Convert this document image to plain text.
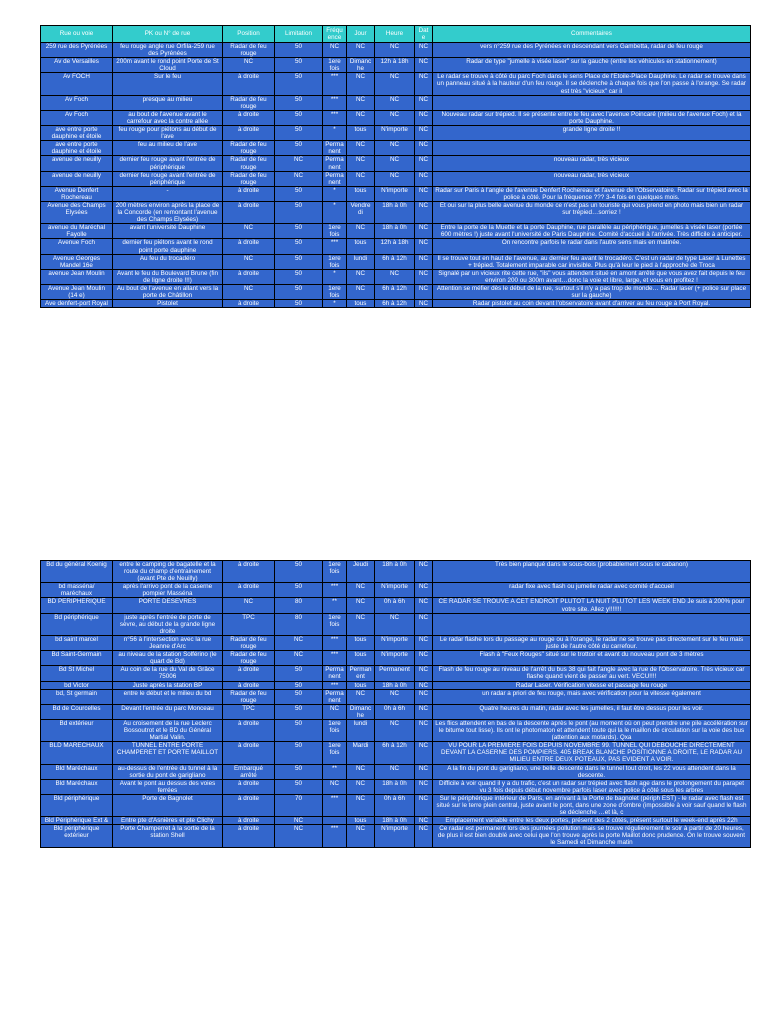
Rue ou voie	PK ou N° de rue	Position	Limitation	Fréquence	Jour	Heure	Date	Commentaires
259 rue des Pyrénées	feu rouge angle rue Orfila-259 rue des Pyrénées	Radar de feu rouge	50	NC	NC	NC	NC	vers n°259 rue des Pyrénées en descendant vers Gambetta, radar de feu rouge
Av de Versailles	200m avant le rond point Porte de St Cloud	NC	50	1ere fois	Dimanche	12h à 18h	NC	Radar de type "jumelle à visée laser" sur la gauche (entre les véhicules en stationnement)
Av FOCH	Sur le feu	à droite	50	***	NC	NC	NC	Le radar se trouve à côté du parc Foch dans le sens Place de l'Etoile-Place Dauphine. Le radar se trouve dans un panneau situé à la hauteur d'un feu rouge. Il se déclenche à chaque fois que l'on passe à l'orange. Se radar est très "vicieux" car il
Av Foch	presque au milieu	Radar de feu rouge	50	***	NC	NC	NC	
Av Foch	au bout de l'avenue avant le carrefour avec la contre allée	à droite	50	***	NC	NC	NC	Nouveau radar sur trépied. Il se présente entre le feu avec l'avenue Poincaré (milieu de l'avenue Foch) et la porte Dauphine.
ave entre porte dauphine et étoile	feu rouge pour piétons au début de l'ave	à droite	50	*	tous	N'importe	NC	grande ligne droite !!
ave entre porte dauphine et étoile	feu au milieu de l'ave	Radar de feu rouge	50	Permanent	NC	NC	NC	
avenue de neuilly	dernier feu rouge avant l'entrée de périphérique	Radar de feu rouge	NC	Permanent	NC	NC	NC	nouveau radar, très vicieux
avenue de neuilly	dernier feu rouge avant l'entrée de périphérique	Radar de feu rouge	NC	Permanent	NC	NC	NC	nouveau radar, très vicieux
Avenue Denfert Rochereau	-	à droite	50	*	tous	N'importe	NC	Radar sur Paris à l'angle de l'avenue Denfert Rochereau et l'avenue de l'Observatoire. Radar sur trépied avec la police à côté. Pour la fréquence ??? 3-4 fois en quelques mois.
Avenue des Champs Elysées	200 mètres environ après la place de la Concorde (en remontant l'avenue des Champs Elysées)	à droite	50	*	Vendredi	18h à 0h	NC	Et oui sur la plus belle avenue du monde ce n'est pas un touriste qui vous prend en photo mais bien un radar sur trépied…sorriez !
avenue du Maréchal Fayolle	avant l'université Dauphine	NC	50	1ere fois	NC	18h à 0h	NC	Entre la porte de la Muette et la porte Dauphine, rue parallèle au périphérique, jumelles à visée laser (portée 600 mètres !) juste avant l'université de Paris Dauphine. Comité d'accueil à l'arrivée. Très difficile à anticiper.
Avenue Foch	dernier feu piétons avant le rond point porte dauphine	à droite	50	***	tous	12h à 18h	NC	On rencontre parfois le radar dans l'autre sens mais en matinée.
Avenue Georges Mandel 16e	Au feu du trocadéro	NC	50	1ere fois	lundi	6h à 12h	NC	Il se trouve tout en haut de l'avenue, au dernier feu avant le trocadéro. C'est un radar de type Laser à Lunettes + trépied. Totalement imparable car invisible. Plus qu'à leur le pied à l'approche de Troca
avenue Jean Moulin	Avant le feu du Boulevard Brune (fin de ligne droite !!!)	à droite	50	*	NC	NC	NC	Signalé par un vicieux rite cette rue, "ils" vous attendent situé en amont arrêté que vous avez fait depuis le feu environ 200 ou 300m avant…donc la voie et libre, large, et vous en profitez !
Avenue Jean Moulin (14 e)	Au bout de l'avenue en allant vers la porte de Châtillon	NC	50	1ere fois	NC	6h à 12h	NC	Attention se méfier dès le début de la rue, surtout s'il n'y a pas trop de monde… Radar laser (+ police sur place sur la gauche)
Ave denfert-port Royal	Pistolet	à droite	50	*	tous	6h à 12h	NC	Radar pistolet au coin devant l'observatoire avant d'arriver au feu rouge à Port Royal.
Bd du général Koenig	entre le camping de bagatelle et la route du champ d'entrainement (avant Pte de Neuilly)	à droite	50	1ere fois	Jeudi	18h à 0h	NC	Très bien planqué dans le sous-bois (probablement sous le cabanon)
bd masséna/ maréchaux	après l'arrivo pont de la caserne pompier Masséna	à droite	50	***	NC	N'importe	NC	radar fixe avec flash ou jumelle radar avec comité d'accueil
BD PERIPHERIQUE	PORTE DESEVRES	NC	80	**	NC	0h à 6h	NC	CE RADAR SE TROUVE A CET ENDROIT PLUTOT LA NUIT PLUTOT LES WEEK END Je suis à 200% pour votre site. Allez y!!!!!!!
Bd périphérique	juste après l'entrée de porte de sèvre, au début de la grande ligne droite	TPC	80	1ere fois	NC	NC	NC	
bd saint marcel	n°56 à l'intersection avec la rue Jeanne d'Arc	Radar de feu rouge	NC	***	tous	N'importe	NC	Le radar flashe lors du passage au rouge ou à l'orange, le radar ne se trouve pas directement sur le feu mais juste de l'autre côté du carrefour.
Bd Saint-Germain	au niveau de la station Solférino (le quart de Bd)	Radar de feu rouge	NC	***	tous	N'importe	NC	Flash à "Feux Rouges" situé sur le trottoir et avant du nouveau pont de 3 mètres
Bd St Michel	Au coin de la rue du Val de Grâce 75006	à droite	50	Permanent	Permanent	Permanent	NC	Flash de feu rouge au niveau de l'arrêt du bus 38 qui fait l'angle avec la rue de l'Observatoire. Très vicieux car flashe quand vient de passer au vert. VECU!!!!
bd Victor	Juste après la station BP	à droite	50	***	tous	18h à 0h	NC	Radar Laser. Vérification vitesse et passage feu rouge
bd, St germain	entre le début et le milieu du bd	Radar de feu rouge	50	Permanent	NC	NC	NC	un radar a priori de feu rouge, mais avec vérification pour la vitesse également
Bd de Courcelles	Devant l'entrée du parc Monceau	TPC	50	NC	Dimanche	0h à 6h	NC	Quatre heures du matin, radar avec les jumelles, il faut être dessus pour les voir.
Bd extérieur	Au croisement de la rue Leclerc Bossoutrot et le BD du Général Martial Valin.	à droite	50	1ere fois	lundi	NC	NC	Les flics attendent en bas de la descente après le pont (au moment où on peut prendre une pile accélération sur le bitume tout lisse). Ils ont le photomaton et attendent toute qui la le maillon de circulation sur la voie des bus (attention aux motards). Qxa
BLD MARECHAUX	TUNNEL ENTRE PORTE CHAMPERET ET PORTE MAILLOT	à droite	50	1ere fois	Mardi	6h à 12h	NC	VU POUR LA PREMIERE FOIS DEPUIS NOVEMBRE 99. TUNNEL QUI DEBOUCHE DIRECTEMENT DEVANT LA CASERNE DES POMPIERS. 405 BREAK BLANCHE POSITIONNE A DROITE, LE RADAR AU MILIEU ENTRE DEUX POTEAUX, PAS EVIDENT A VOIR.
Bld Maréchaux	au-dessus de l'entrée du tunnel à la sortie du pont de garigliano	Embarqué arrêté	50	**	NC	NC	NC	A la fin du pont du garigliano, une belle descente dans le tunnel tout droit, les 22 vous attendent dans la descente.
Bld Maréchaux	Avant le pont au dessus des voies ferrées	à droite	50	NC	NC	18h à 0h	NC	Difficile à voir quand il y a du trafic, c'est un radar sur trépied avec flash age dans le prolongement du parapet vu 3 fois depuis début novembre parfois laser avec police à côté sous les arbres
Bld périphérique	Porte de Bagnolet	à droite	70	***	NC	0h à 6h	NC	Sur le périphérique intérieur de Paris, en arrivant à la Porte de bagnolet (périph EST) - le radar avec flash est situé sur le terre plein central, juste avant le pont, dans une zone d'ombre (impossible à voir sauf quand le flash se déclenche …et là, c
Bld Périphérique Ext &	Entre pte d'Asnières et pte Clichy	à droite	NC		tous	18h à 0h	NC	Emplacement variable entre les deux portes, présent des 2 côtés, présent surtout le week-end après 22h
Bld périphérique extérieur	Porte Champerret à la sortie de la station Shell	à droite	NC	***	NC	N'importe	NC	Ce radar est permanent lors des journées pollution mais se trouve régulièrement le soir à partir de 20 heures, de plus il est bien doublé avec celui que l'on trouve après la porte Maillot donc prudence. On le trouve souvent le Samedi et Dimanche matin
